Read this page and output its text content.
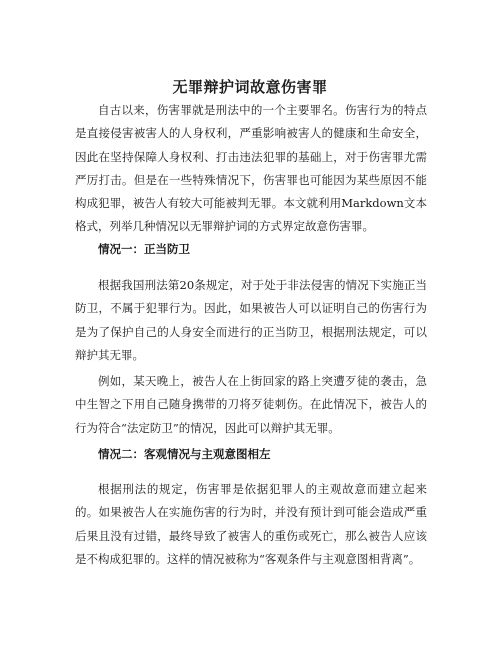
无罪辩护词故意伤害罪

自古以来，伤害罪就是刑法中的一个主要罪名。伤害行为的特点是直接侵害被害人的人身权利，严重影响被害人的健康和生命安全，因此在坚持保障人身权利、打击违法犯罪的基础上，对于伤害罪尤需严厉打击。但是在一些特殊情况下，伤害罪也可能因为某些原因不能构成犯罪，被告人有较大可能被判无罪。本文就利用Markdown文本格式，列举几种情况以无罪辩护词的方式界定故意伤害罪。

情况一：正当防卫

根据我国刑法第20条规定，对于处于非法侵害的情况下实施正当防卫，不属于犯罪行为。因此，如果被告人可以证明自己的伤害行为是为了保护自己的人身安全而进行的正当防卫，根据刑法规定，可以辩护其无罪。

例如，某天晚上，被告人在上街回家的路上突遭歹徒的袭击，急中生智之下用自己随身携带的刀将歹徒刺伤。在此情况下，被告人的行为符合“法定防卫”的情况，因此可以辩护其无罪。

情况二：客观情况与主观意图相左

根据刑法的规定，伤害罪是依据犯罪人的主观故意而建立起来的。如果被告人在实施伤害的行为时，并没有预计到可能会造成严重后果且没有过错，最终导致了被害人的重伤或死亡，那么被告人应该是不构成犯罪的。这样的情况被称为“客观条件与主观意图相背离”。
